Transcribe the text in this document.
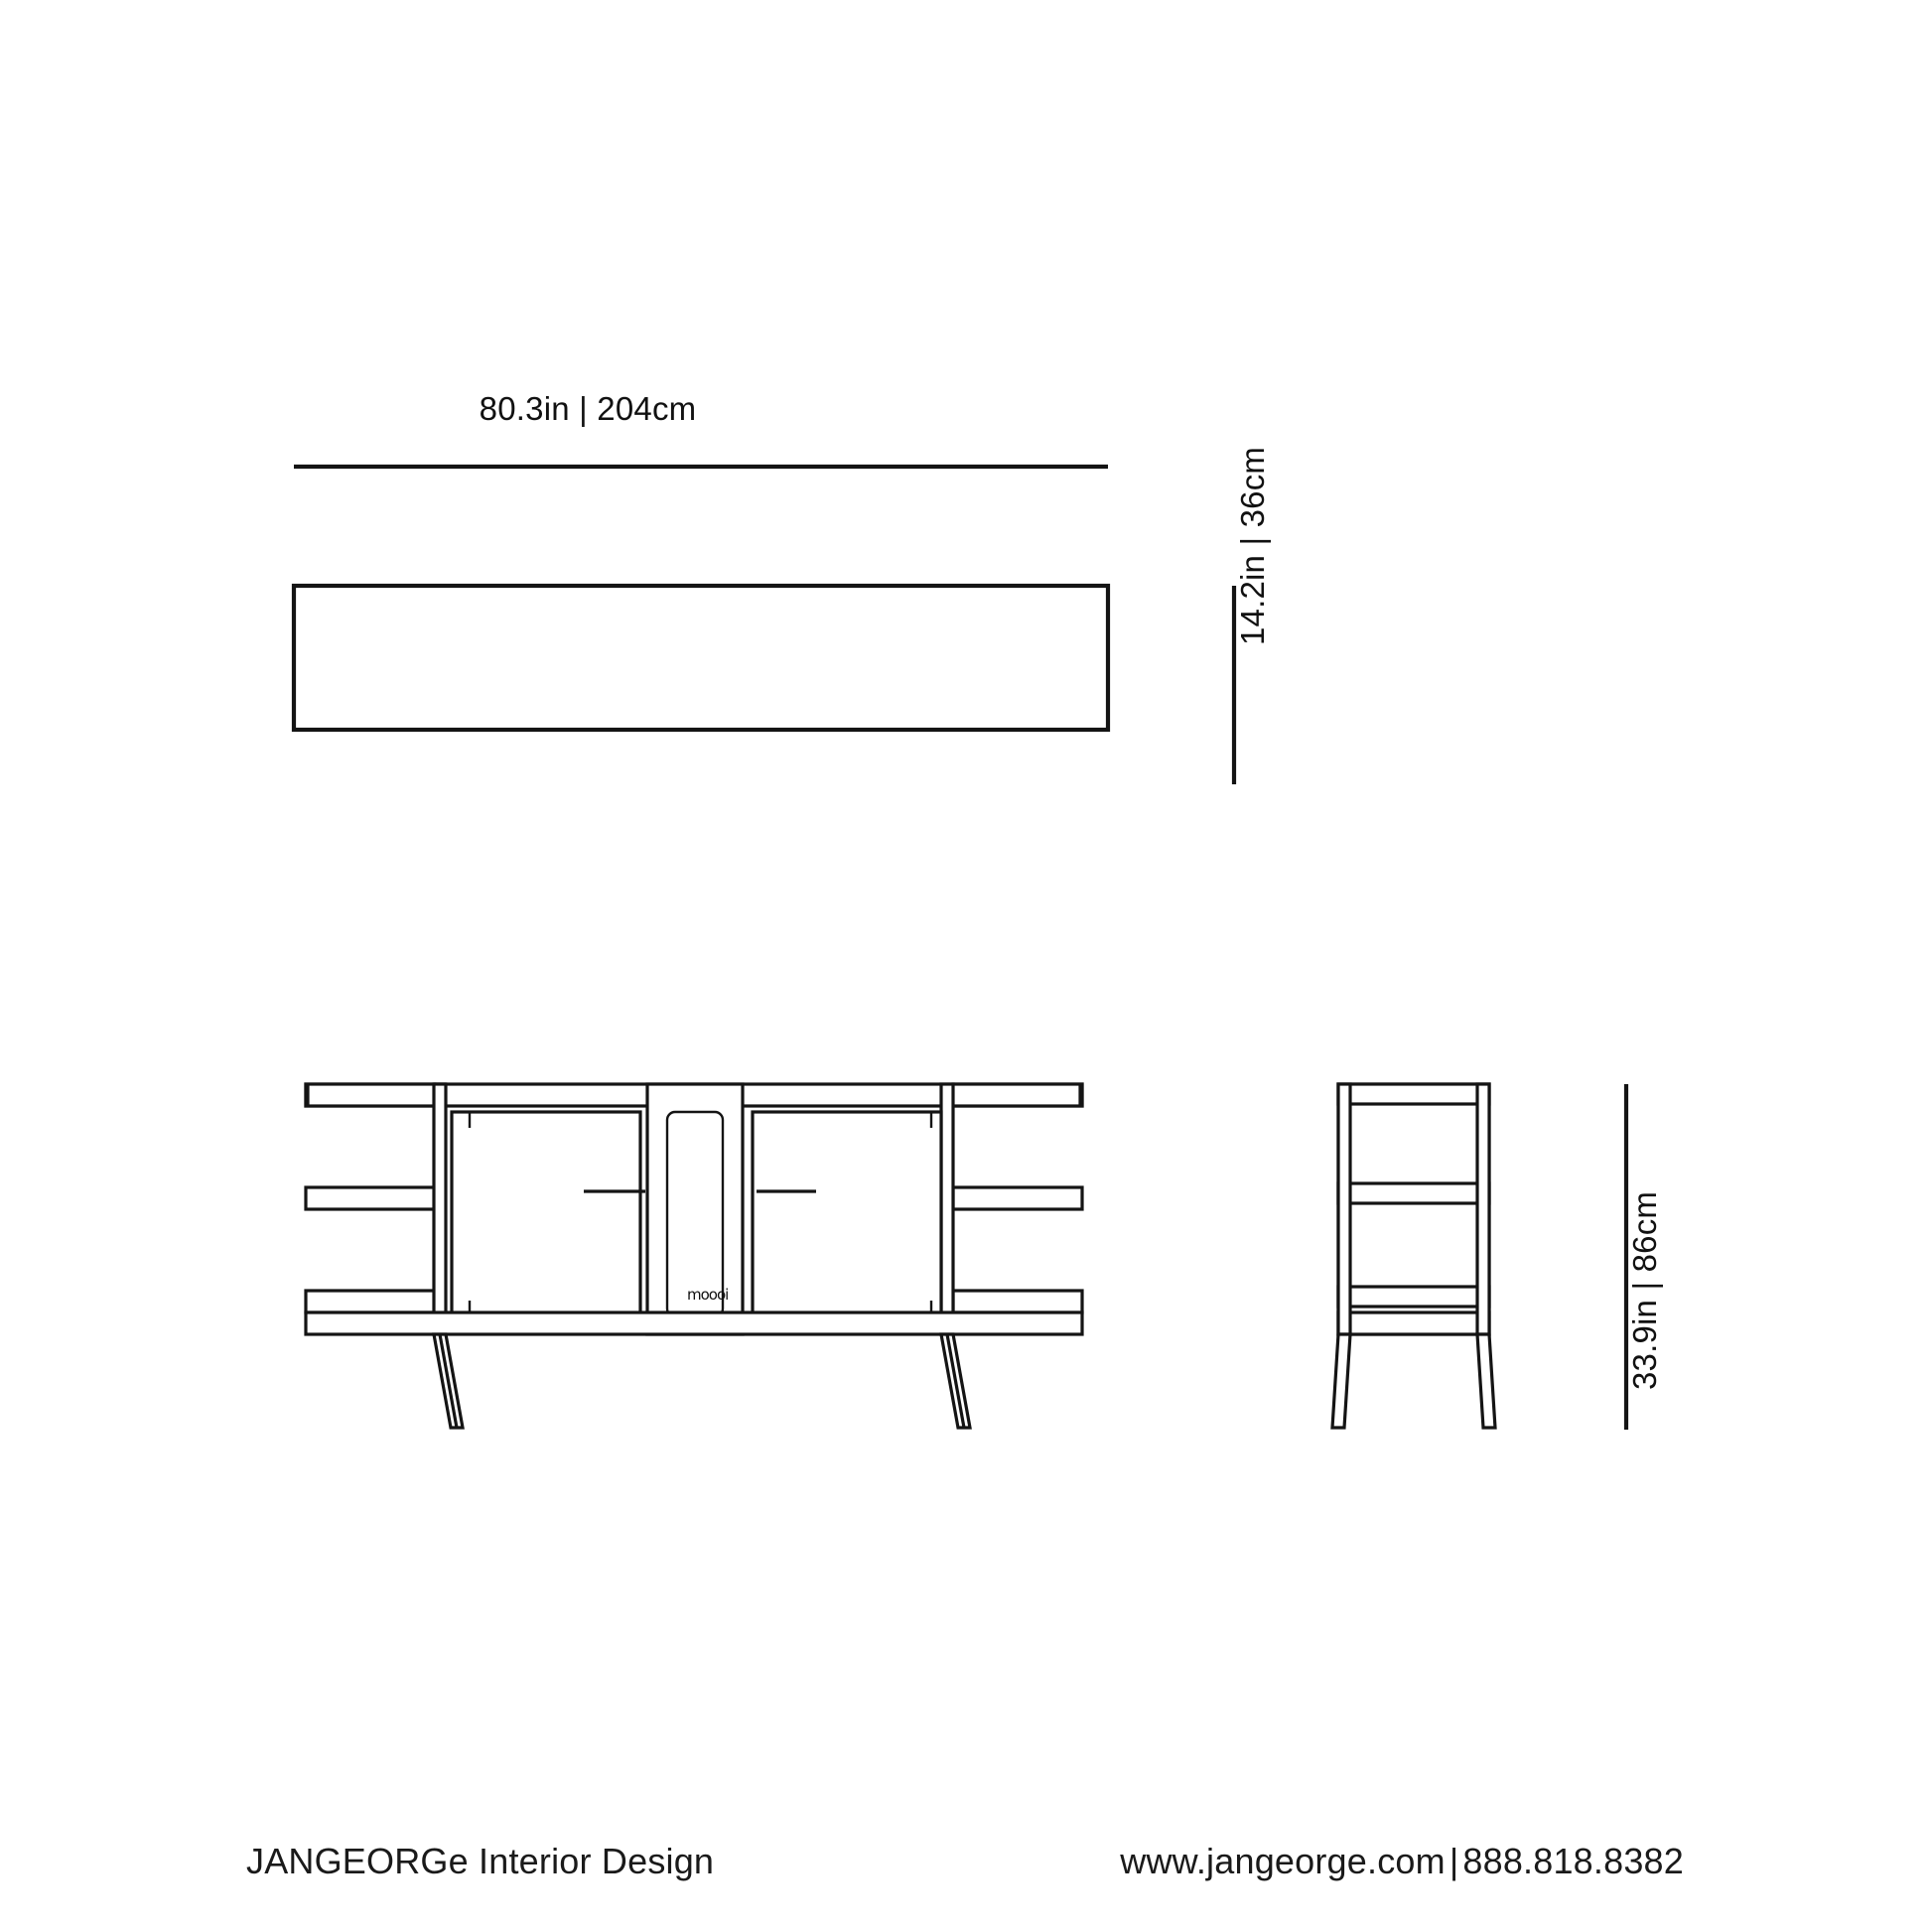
80.3in | 204cm
14.2in | 36cm
33.9in | 86cm
moooi
JANGEORGe Interior Design	www.jangeorge.com | 888.818.8382
